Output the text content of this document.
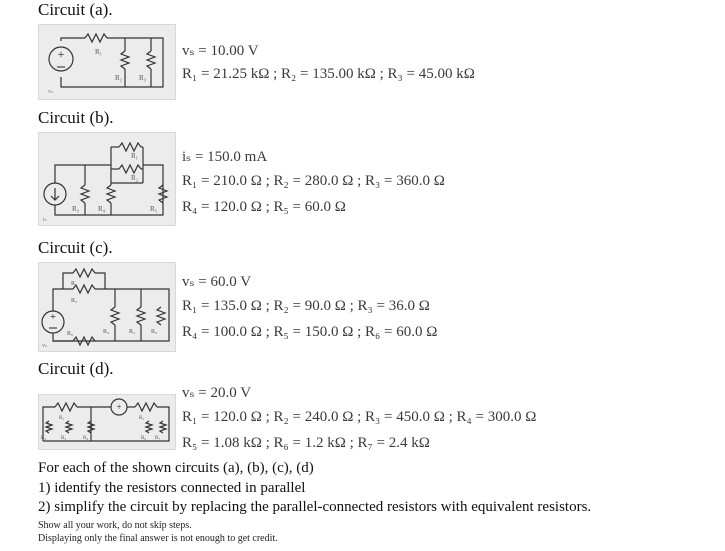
Circuit (a).
+	R₁
R₂ R₃
vₛ
vₛ = 10.00 V
R₁ = 21.25 kΩ ; R₂ = 135.00 kΩ ; R₃ = 45.00 kΩ
Circuit (b).
R₁
R₂
R₃	R₄	R₅
iₛ
iₛ = 150.0 mA
R₁ = 210.0 Ω ; R₂ = 280.0 Ω ; R₃ = 360.0 Ω
R₄ = 120.0 Ω ; R₅ = 60.0 Ω
Circuit (c).
+
R₁
R₂
R₃	R₄	R₅
R₆
vₛ
vₛ = 60.0 V
R₁ = 135.0 Ω ; R₂ = 90.0 Ω ; R₃ = 36.0 Ω
R₄ = 100.0 Ω ; R₅ = 150.0 Ω ; R₆ = 60.0 Ω
Circuit (d).
+
R₁
R₂	R₃	R₄
R₅
R₆ R₇
vₛ = 20.0 V
R₁ = 120.0 Ω ; R₂ = 240.0 Ω ; R₃ = 450.0 Ω ; R₄ = 300.0 Ω
R₅ = 1.08 kΩ ; R₆ = 1.2 kΩ ; R₇ = 2.4 kΩ
For each of the shown circuits (a), (b), (c), (d)
1) identify the resistors connected in parallel
2) simplify the circuit by replacing the parallel-connected resistors with equivalent resistors.
Show all your work, do not skip steps.
Displaying only the final answer is not enough to get credit.
